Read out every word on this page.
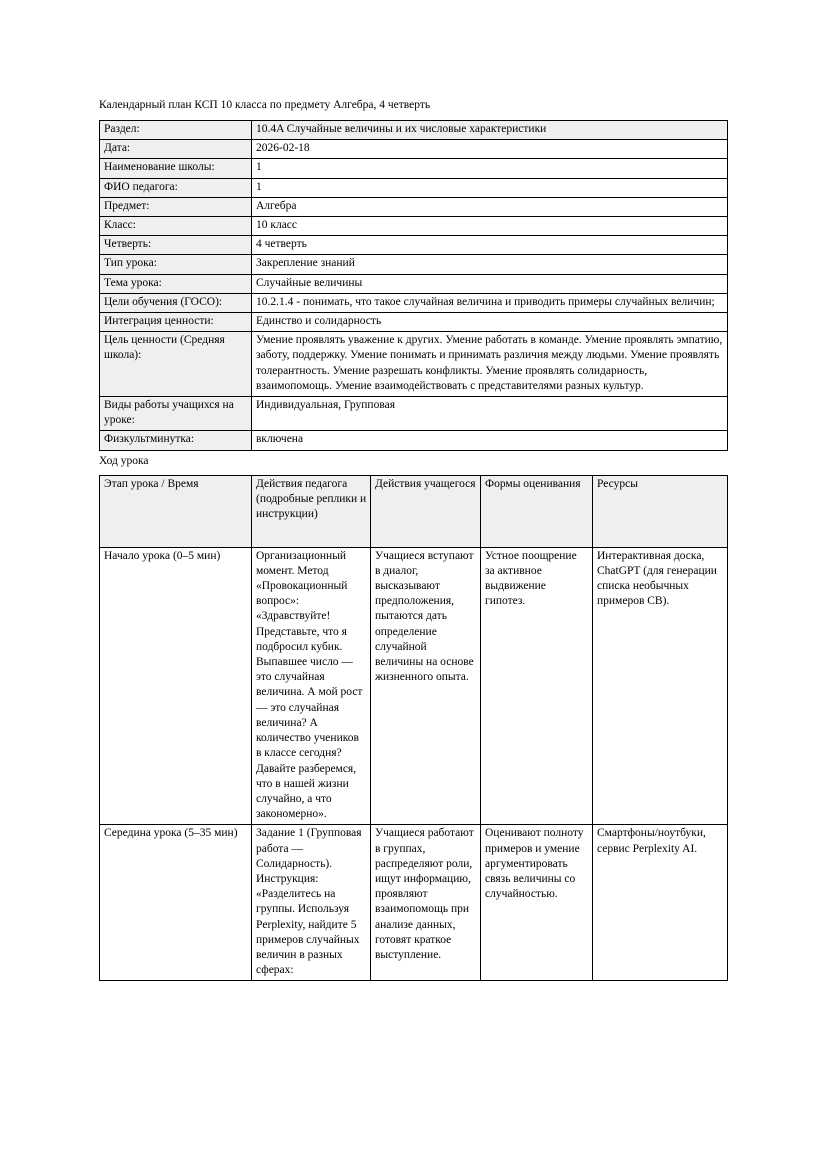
Календарный план КСП 10 класса по предмету Алгебра, 4 четверть

Раздел:	10.4A Случайные величины и их числовые характеристики
Дата:	2026-02-18
Наименование школы:	1
ФИО педагога:	1
Предмет:	Алгебра
Класс:	10 класс
Четверть:	4 четверть
Тип урока:	Закрепление знаний
Тема урока:	Случайные величины
Цели обучения (ГОСО):	10.2.1.4 - понимать, что такое случайная величина и приводить примеры случайных величин;
Интеграция ценности:	Единство и солидарность
Цель ценности (Средняя школа):	Умение проявлять уважение к других. Умение работать в команде. Умение проявлять эмпатию, заботу, поддержку. Умение понимать и принимать различия между людьми. Умение проявлять толерантность. Умение разрешать конфликты. Умение проявлять солидарность, взаимопомощь. Умение взаимодействовать с представителями разных культур.
Виды работы учащихся на уроке:	Индивидуальная, Групповая
Физкультминутка:	включена

Ход урока

Этап урока / Время	Действия педагога (подробные реплики и инструкции)	Действия учащегося	Формы оценивания	Ресурсы
Начало урока (0–5 мин)	Организационный момент. Метод «Провокационный вопрос»: «Здравствуйте! Представьте, что я подбросил кубик. Выпавшее число — это случайная величина. А мой рост — это случайная величина? А количество учеников в классе сегодня? Давайте разберемся, что в нашей жизни случайно, а что закономерно».	Учащиеся вступают в диалог, высказывают предположения, пытаются дать определение случайной величины на основе жизненного опыта.	Устное поощрение за активное выдвижение гипотез.	Интерактивная доска, ChatGPT (для генерации списка необычных примеров СВ).
Середина урока (5–35 мин)	Задание 1 (Групповая работа — Солидарность). Инструкция: «Разделитесь на группы. Используя Perplexity, найдите 5 примеров случайных величин в разных сферах:	Учащиеся работают в группах, распределяют роли, ищут информацию, проявляют взаимопомощь при анализе данных, готовят краткое выступление.	Оценивают полноту примеров и умение аргументировать связь величины со случайностью.	Смартфоны/ноутбуки, сервис Perplexity AI.
